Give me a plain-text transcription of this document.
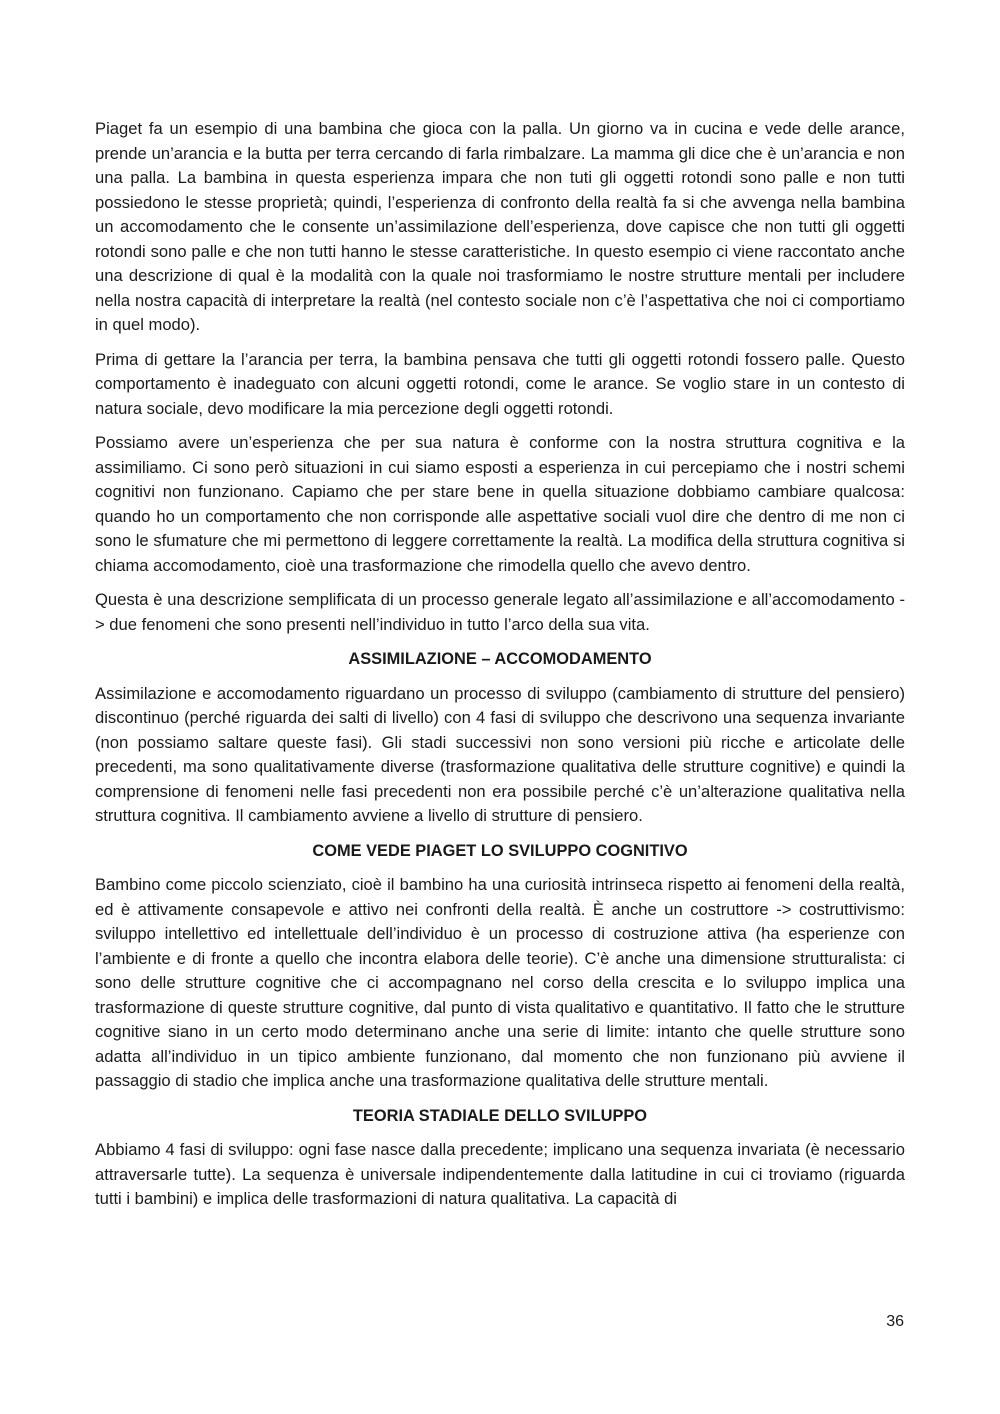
Piaget fa un esempio di una bambina che gioca con la palla. Un giorno va in cucina e vede delle arance, prende un’arancia e la butta per terra cercando di farla rimbalzare. La mamma gli dice che è un’arancia e non una palla. La bambina in questa esperienza impara che non tuti gli oggetti rotondi sono palle e non tutti possiedono le stesse proprietà; quindi, l’esperienza di confronto della realtà fa si che avvenga nella bambina un accomodamento che le consente un’assimilazione dell’esperienza, dove capisce che non tutti gli oggetti rotondi sono palle e che non tutti hanno le stesse caratteristiche. In questo esempio ci viene raccontato anche una descrizione di qual è la modalità con la quale noi trasformiamo le nostre strutture mentali per includere nella nostra capacità di interpretare la realtà (nel contesto sociale non c’è l’aspettativa che noi ci comportiamo in quel modo).

Prima di gettare la l’arancia per terra, la bambina pensava che tutti gli oggetti rotondi fossero palle. Questo comportamento è inadeguato con alcuni oggetti rotondi, come le arance. Se voglio stare in un contesto di natura sociale, devo modificare la mia percezione degli oggetti rotondi.

Possiamo avere un’esperienza che per sua natura è conforme con la nostra struttura cognitiva e la assimiliamo. Ci sono però situazioni in cui siamo esposti a esperienza in cui percepiamo che i nostri schemi cognitivi non funzionano. Capiamo che per stare bene in quella situazione dobbiamo cambiare qualcosa: quando ho un comportamento che non corrisponde alle aspettative sociali vuol dire che dentro di me non ci sono le sfumature che mi permettono di leggere correttamente la realtà. La modifica della struttura cognitiva si chiama accomodamento, cioè una trasformazione che rimodella quello che avevo dentro.

Questa è una descrizione semplificata di un processo generale legato all’assimilazione e all’accomodamento -> due fenomeni che sono presenti nell’individuo in tutto l’arco della sua vita.

ASSIMILAZIONE – ACCOMODAMENTO

Assimilazione e accomodamento riguardano un processo di sviluppo (cambiamento di strutture del pensiero) discontinuo (perché riguarda dei salti di livello) con 4 fasi di sviluppo che descrivono una sequenza invariante (non possiamo saltare queste fasi). Gli stadi successivi non sono versioni più ricche e articolate delle precedenti, ma sono qualitativamente diverse (trasformazione qualitativa delle strutture cognitive) e quindi la comprensione di fenomeni nelle fasi precedenti non era possibile perché c’è un’alterazione qualitativa nella struttura cognitiva. Il cambiamento avviene a livello di strutture di pensiero.

COME VEDE PIAGET LO SVILUPPO COGNITIVO

Bambino come piccolo scienziato, cioè il bambino ha una curiosità intrinseca rispetto ai fenomeni della realtà, ed è attivamente consapevole e attivo nei confronti della realtà. È anche un costruttore -> costruttivismo: sviluppo intellettivo ed intellettuale dell’individuo è un processo di costruzione attiva (ha esperienze con l’ambiente e di fronte a quello che incontra elabora delle teorie). C’è anche una dimensione strutturalista: ci sono delle strutture cognitive che ci accompagnano nel corso della crescita e lo sviluppo implica una trasformazione di queste strutture cognitive, dal punto di vista qualitativo e quantitativo. Il fatto che le strutture cognitive siano in un certo modo determinano anche una serie di limite: intanto che quelle strutture sono adatta all’individuo in un tipico ambiente funzionano, dal momento che non funzionano più avviene il passaggio di stadio che implica anche una trasformazione qualitativa delle strutture mentali.

TEORIA STADIALE DELLO SVILUPPO

Abbiamo 4 fasi di sviluppo: ogni fase nasce dalla precedente; implicano una sequenza invariata (è necessario attraversarle tutte). La sequenza è universale indipendentemente dalla latitudine in cui ci troviamo (riguarda tutti i bambini) e implica delle trasformazioni di natura qualitativa. La capacità di

36
